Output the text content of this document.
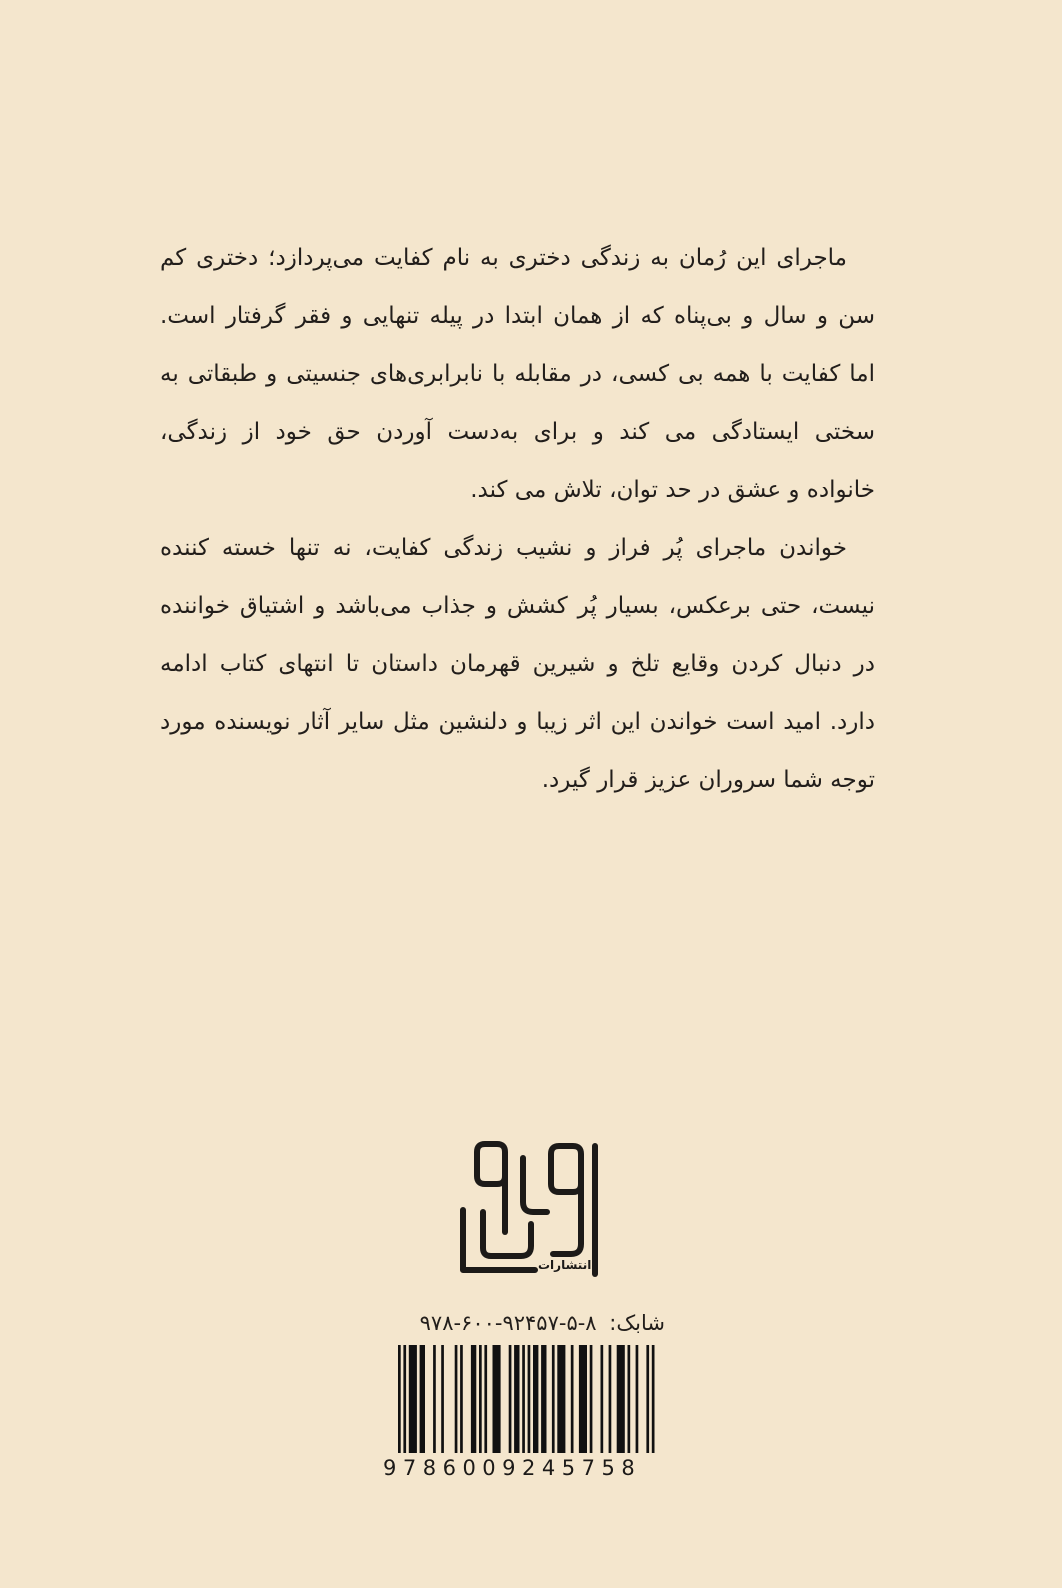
ماجرای این رُمان به زندگی دختری به نام کفایت می‌پردازد؛ دختری کم
سن و سال و بی‌پناه که از همان ابتدا در پیله تنهایی و فقر گرفتار است.
اما کفایت با همه بی کسی، در مقابله با نابرابری‌های جنسیتی و طبقاتی به
سختی ایستادگی می کند و برای به‌دست آوردن حق خود از زندگی،
خانواده و عشق در حد توان، تلاش می کند.
خواندن ماجرای پُر فراز و نشیب زندگی کفایت، نه تنها خسته کننده
نیست، حتی برعکس، بسیار پُر کشش و جذاب می‌باشد و اشتیاق خواننده
در دنبال کردن وقایع تلخ و شیرین قهرمان داستان تا انتهای کتاب ادامه
دارد. امید است خواندن این اثر زیبا و دلنشین مثل سایر آثار نویسنده مورد
توجه شما سروران عزیز قرار گیرد.
انتشارات
شابک: ۹۷۸-۶۰۰-۹۲۴۵۷-۵-۸
9786009245758
